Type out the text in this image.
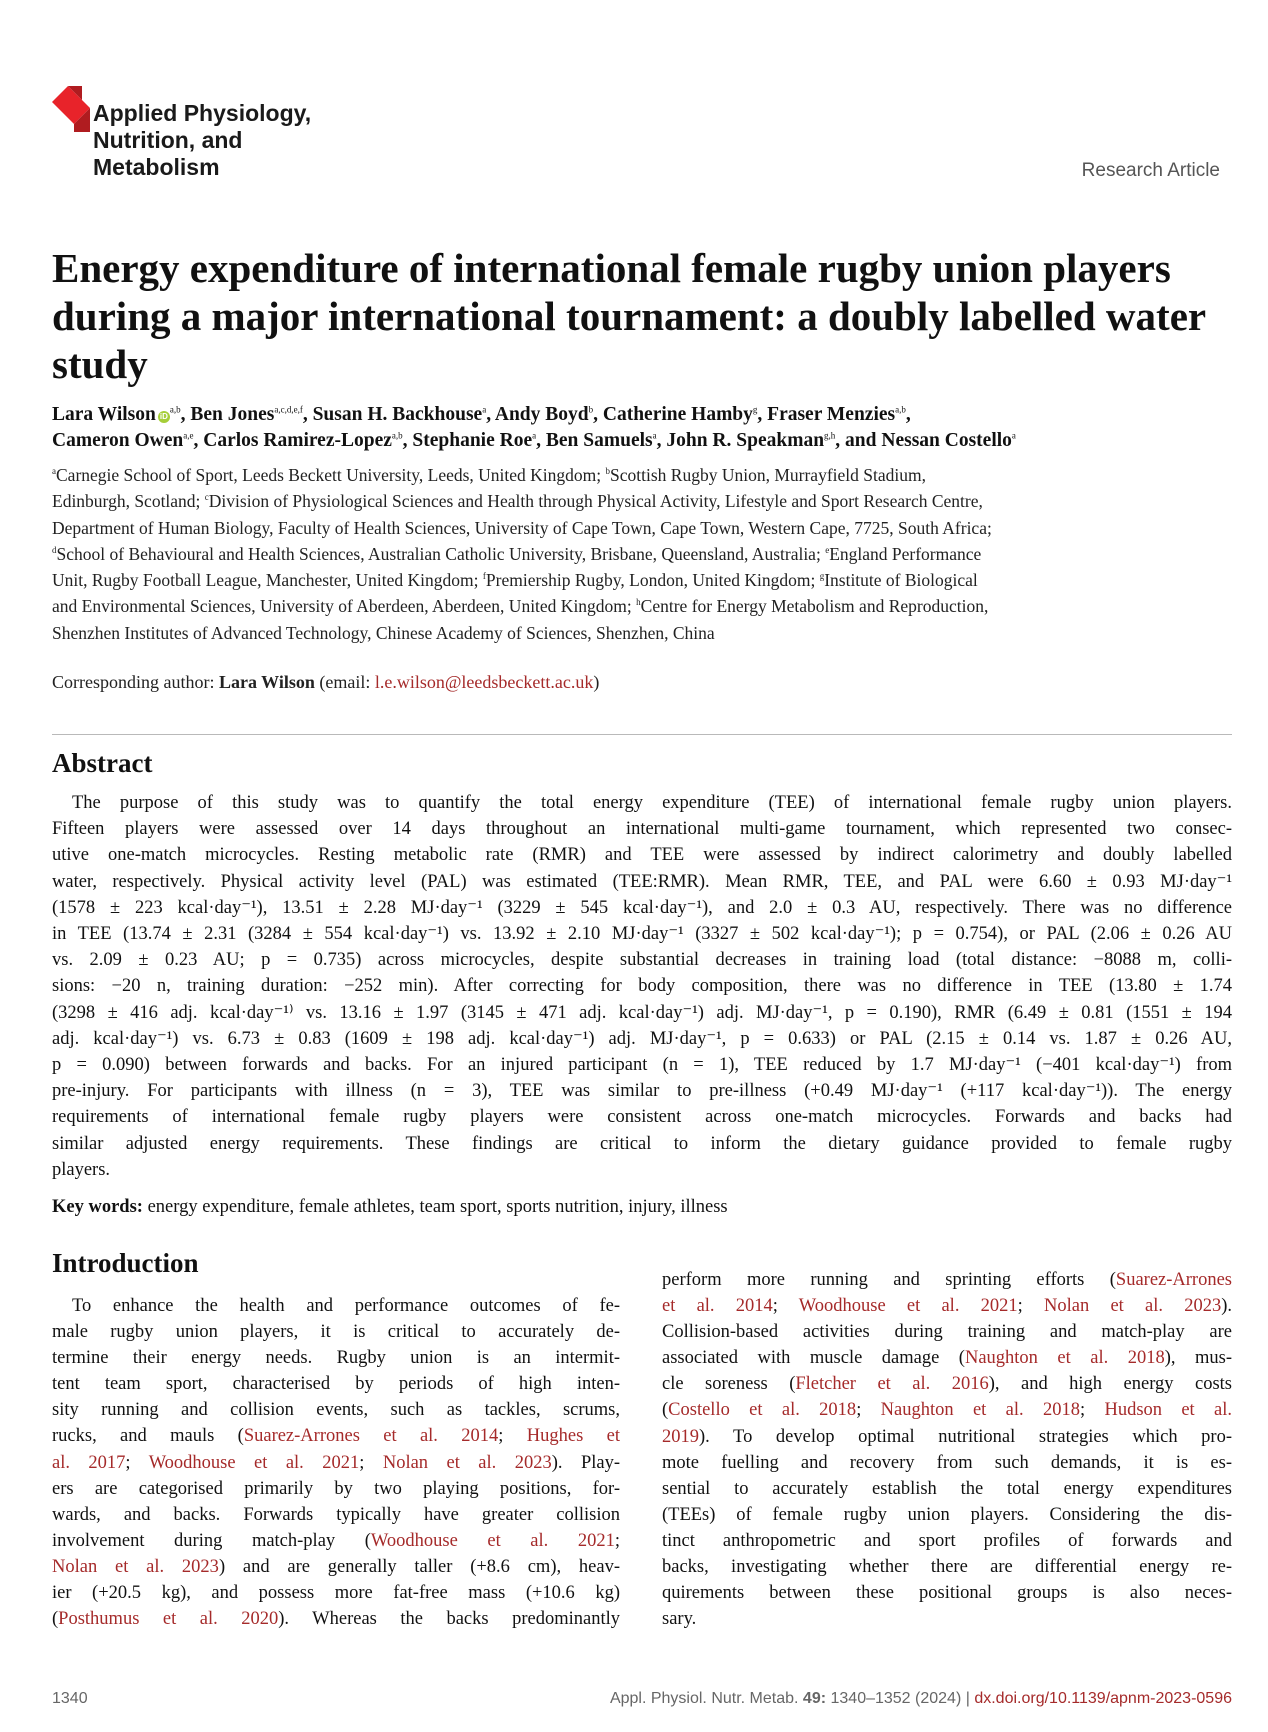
Applied Physiology,
Nutrition, and
Metabolism	Research Article
Energy expenditure of international female rugby union players during a major international tournament: a doubly labelled water study
Lara Wilson iD$^{a,b}$, Ben Jones$^{a,c,d,e,f}$, Susan H. Backhouse$^a$, Andy Boyd$^b$, Catherine Hamby$^g$, Fraser Menzies$^{a,b}$,
Cameron Owen$^{a,e}$, Carlos Ramirez-Lopez$^{a,b}$, Stephanie Roe$^a$, Ben Samuels$^a$, John R. Speakman$^{g,h}$, and Nessan Costello$^a$
$^a$Carnegie School of Sport, Leeds Beckett University, Leeds, United Kingdom; $^b$Scottish Rugby Union, Murrayfield Stadium,
Edinburgh, Scotland; $^c$Division of Physiological Sciences and Health through Physical Activity, Lifestyle and Sport Research Centre,
Department of Human Biology, Faculty of Health Sciences, University of Cape Town, Cape Town, Western Cape, 7725, South Africa;
$^d$School of Behavioural and Health Sciences, Australian Catholic University, Brisbane, Queensland, Australia; $^e$England Performance
Unit, Rugby Football League, Manchester, United Kingdom; $^f$Premiership Rugby, London, United Kingdom; $^g$Institute of Biological
and Environmental Sciences, University of Aberdeen, Aberdeen, United Kingdom; $^h$Centre for Energy Metabolism and Reproduction,
Shenzhen Institutes of Advanced Technology, Chinese Academy of Sciences, Shenzhen, China
Corresponding author: Lara Wilson (email: l.e.wilson@leedsbeckett.ac.uk)
Abstract
The purpose of this study was to quantify the total energy expenditure (TEE) of international female rugby union players.
Fifteen players were assessed over 14 days throughout an international multi-game tournament, which represented two consec-
utive one-match microcycles. Resting metabolic rate (RMR) and TEE were assessed by indirect calorimetry and doubly labelled
water, respectively. Physical activity level (PAL) was estimated (TEE:RMR). Mean RMR, TEE, and PAL were 6.60 ± 0.93 MJ·day⁻¹
(1578 ± 223 kcal·day⁻¹), 13.51 ± 2.28 MJ·day⁻¹ (3229 ± 545 kcal·day⁻¹), and 2.0 ± 0.3 AU, respectively. There was no difference
in TEE (13.74 ± 2.31 (3284 ± 554 kcal·day⁻¹) vs. 13.92 ± 2.10 MJ·day⁻¹ (3327 ± 502 kcal·day⁻¹); p = 0.754), or PAL (2.06 ± 0.26 AU
vs. 2.09 ± 0.23 AU; p = 0.735) across microcycles, despite substantial decreases in training load (total distance: −8088 m, colli-
sions: −20 n, training duration: −252 min). After correcting for body composition, there was no difference in TEE (13.80 ± 1.74
(3298 ± 416 adj. kcal·day⁻¹⁾ vs. 13.16 ± 1.97 (3145 ± 471 adj. kcal·day⁻¹) adj. MJ·day⁻¹, p = 0.190), RMR (6.49 ± 0.81 (1551 ± 194
adj. kcal·day⁻¹) vs. 6.73 ± 0.83 (1609 ± 198 adj. kcal·day⁻¹) adj. MJ·day⁻¹, p = 0.633) or PAL (2.15 ± 0.14 vs. 1.87 ± 0.26 AU,
p = 0.090) between forwards and backs. For an injured participant (n = 1), TEE reduced by 1.7 MJ·day⁻¹ (−401 kcal·day⁻¹) from
pre-injury. For participants with illness (n = 3), TEE was similar to pre-illness (+0.49 MJ·day⁻¹ (+117 kcal·day⁻¹)). The energy
requirements of international female rugby players were consistent across one-match microcycles. Forwards and backs had
similar adjusted energy requirements. These findings are critical to inform the dietary guidance provided to female rugby
players.
Key words: energy expenditure, female athletes, team sport, sports nutrition, injury, illness
Introduction
To enhance the health and performance outcomes of fe-
male rugby union players, it is critical to accurately de-
termine their energy needs. Rugby union is an intermit-
tent team sport, characterised by periods of high inten-
sity running and collision events, such as tackles, scrums,
rucks, and mauls (Suarez-Arrones et al. 2014; Hughes et
al. 2017; Woodhouse et al. 2021; Nolan et al. 2023). Play-
ers are categorised primarily by two playing positions, for-
wards, and backs. Forwards typically have greater collision
involvement during match-play (Woodhouse et al. 2021;
Nolan et al. 2023) and are generally taller (+8.6 cm), heav-
ier (+20.5 kg), and possess more fat-free mass (+10.6 kg)
(Posthumus et al. 2020). Whereas the backs predominantly
perform more running and sprinting efforts (Suarez-Arrones
et al. 2014; Woodhouse et al. 2021; Nolan et al. 2023).
Collision-based activities during training and match-play are
associated with muscle damage (Naughton et al. 2018), mus-
cle soreness (Fletcher et al. 2016), and high energy costs
(Costello et al. 2018; Naughton et al. 2018; Hudson et al.
2019). To develop optimal nutritional strategies which pro-
mote fuelling and recovery from such demands, it is es-
sential to accurately establish the total energy expenditures
(TEEs) of female rugby union players. Considering the dis-
tinct anthropometric and sport profiles of forwards and
backs, investigating whether there are differential energy re-
quirements between these positional groups is also neces-
sary.
1340	Appl. Physiol. Nutr. Metab. 49: 1340–1352 (2024) | dx.doi.org/10.1139/apnm-2023-0596
